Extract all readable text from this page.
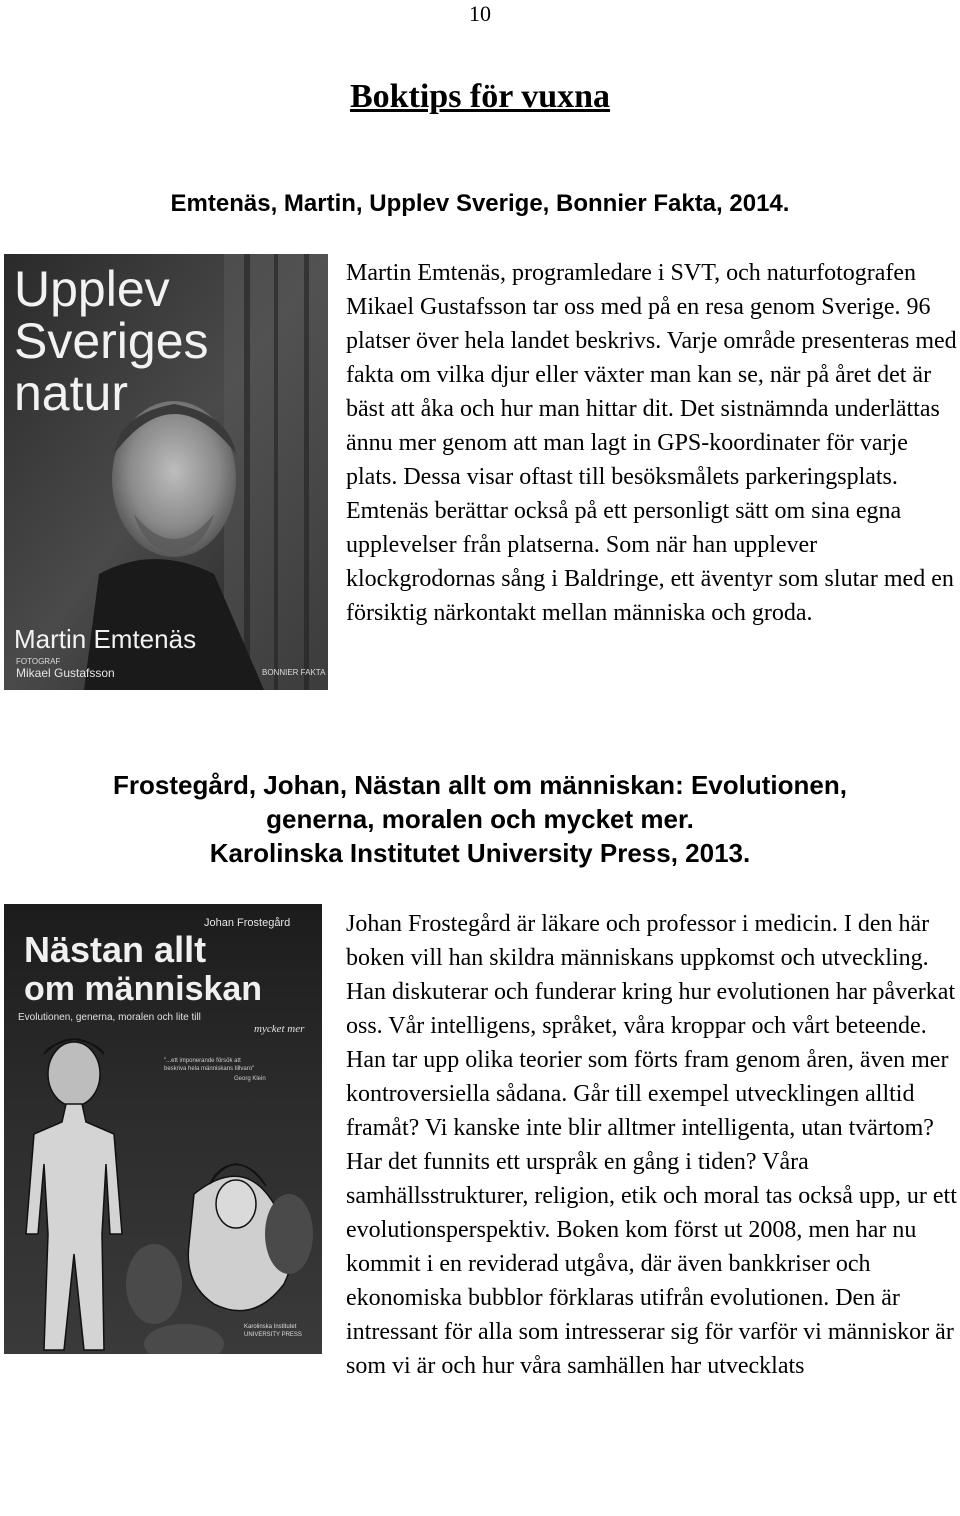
10
Boktips för vuxna

Emtenäs, Martin, Upplev Sverige, Bonnier Fakta, 2014.

Upplev
Sveriges
natur
Martin Emtenäs
FOTOGRAF
Mikael Gustafsson	BONNIER FAKTA

Martin Emtenäs, programledare i SVT, och naturfotografen Mikael Gustafsson tar oss med på en resa genom Sverige. 96 platser över hela landet beskrivs. Varje område presenteras med fakta om vilka djur eller växter man kan se, när på året det är bäst att åka och hur man hittar dit. Det sistnämnda underlättas ännu mer genom att man lagt in GPS-koordinater för varje plats. Dessa visar oftast till besöksmålets parkeringsplats. Emtenäs berättar också på ett personligt sätt om sina egna upplevelser från platserna. Som när han upplever klockgrodornas sång i Baldringe, ett äventyr som slutar med en försiktig närkontakt mellan människa och groda.

Frostegård, Johan, Nästan allt om människan: Evolutionen,
generna, moralen och mycket mer.
Karolinska Institutet University Press, 2013.

Johan Frostegård
Nästan allt
om människan
Evolutionen, generna, moralen och lite till
mycket mer
"...ett imponerande försök att
beskriva hela människans tillvaro"
Georg Klein
Karolinska Institutet
UNIVERSITY PRESS

Johan Frostegård är läkare och professor i medicin. I den här boken vill han skildra människans uppkomst och utveckling. Han diskuterar och funderar kring hur evolutionen har påverkat oss. Vår intelligens, språket, våra kroppar och vårt beteende. Han tar upp olika teorier som förts fram genom åren, även mer kontroversiella sådana. Går till exempel utvecklingen alltid framåt? Vi kanske inte blir alltmer intelligenta, utan tvärtom? Har det funnits ett urspråk en gång i tiden? Våra samhällsstrukturer, religion, etik och moral tas också upp, ur ett evolutionsperspektiv. Boken kom först ut 2008, men har nu kommit i en reviderad utgåva, där även bankkriser och ekonomiska bubblor förklaras utifrån evolutionen. Den är intressant för alla som intresserar sig för varför vi människor är som vi är och hur våra samhällen har utvecklats
